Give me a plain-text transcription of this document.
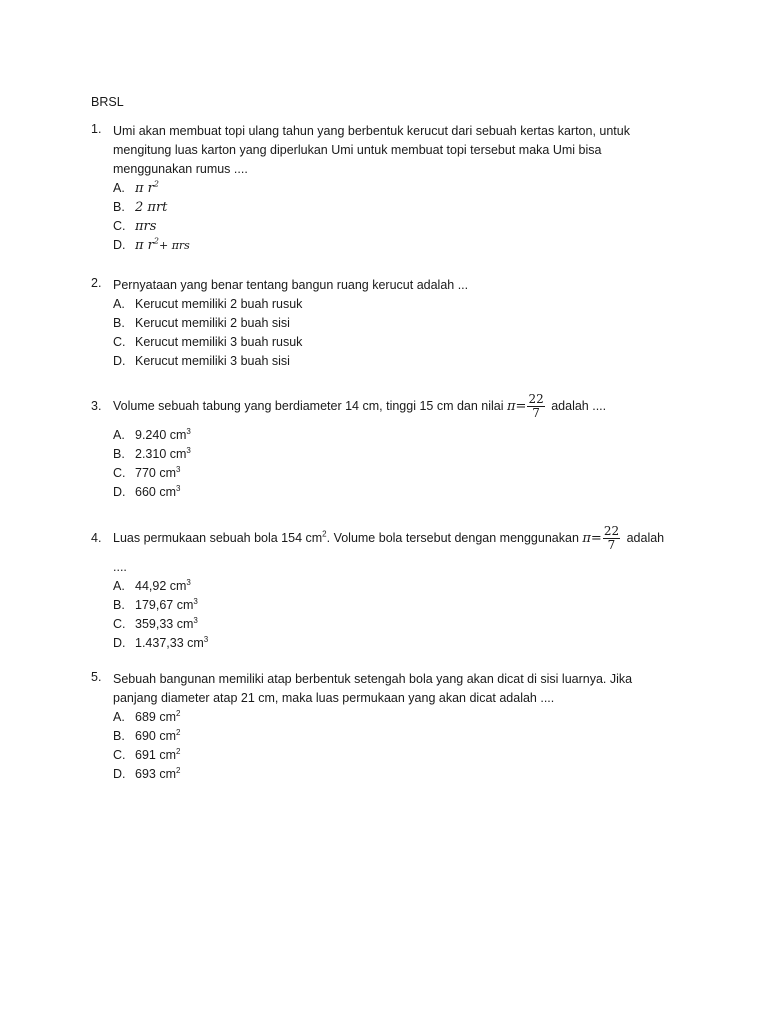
BRSL
1. Umi akan membuat topi ulang tahun yang berbentuk kerucut dari sebuah kertas karton, untuk mengitung luas karton yang diperlukan Umi untuk membuat topi tersebut maka Umi bisa menggunakan rumus ....
A. π $r^2$
B. 2 πrt
C. πrs
D. π $r^2+ \pi rs$
2. Pernyataan yang benar tentang bangun ruang kerucut adalah ...
A. Kerucut memiliki 2 buah rusuk
B. Kerucut memiliki 2 buah sisi
C. Kerucut memiliki 3 buah rusuk
D. Kerucut memiliki 3 buah sisi
3. Volume sebuah tabung yang berdiameter 14 cm, tinggi 15 cm dan nilai $\pi= \frac{22}{7}$ adalah ....
A. 9.240 $cm^3$
B. 2.310 $cm^3$
C. 770 $cm^3$
D. 660 $cm^3$
4. Luas permukaan sebuah bola 154 $cm^2$. Volume bola tersebut dengan menggunakan $\pi= \frac{22}{7}$ adalah
....
A. 44,92 $cm^3$
B. 179,67 $cm^3$
C. 359,33 $cm^3$
D. 1.437,33 $cm^3$
5. Sebuah bangunan memiliki atap berbentuk setengah bola yang akan dicat di sisi luarnya. Jika panjang diameter atap 21 cm, maka luas permukaan yang akan dicat adalah ....
A. 689 $cm^2$
B. 690 $cm^2$
C. 691 $cm^2$
D. 693 $cm^2$
